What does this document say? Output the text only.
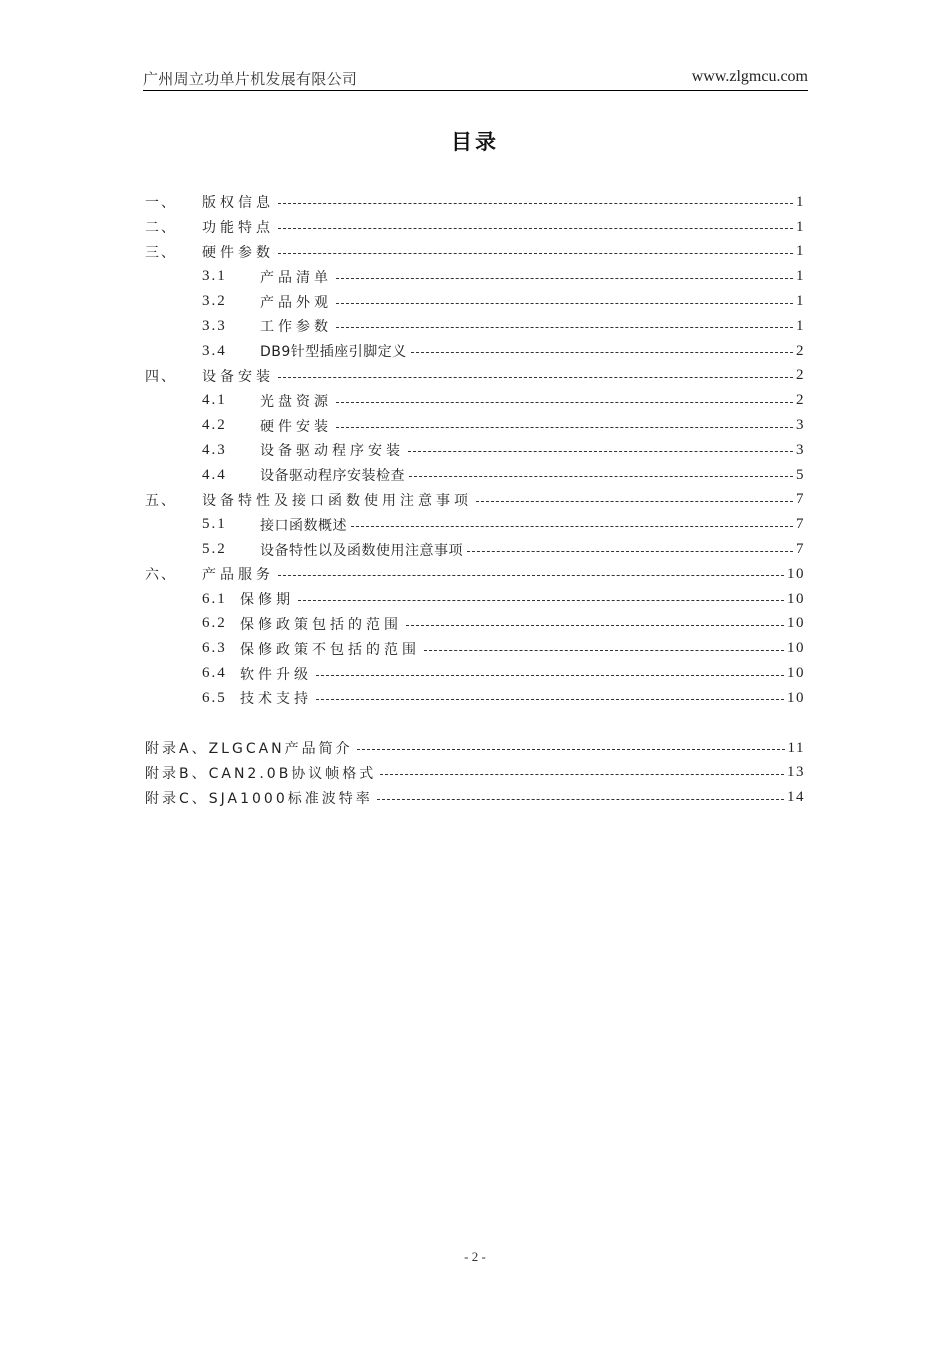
广州周立功单片机发展有限公司	www.zlgmcu.com
目录
一、	版权信息	1
二、	功能特点	1
三、	硬件参数	1
3.1	产品清单	1
3.2	产品外观	1
3.3	工作参数	1
3.4	DB9针型插座引脚定义	2
四、	设备安装	2
4.1	光盘资源	2
4.2	硬件安装	3
4.3	设备驱动程序安装	3
4.4	设备驱动程序安装检查	5
五、	设备特性及接口函数使用注意事项	7
5.1	接口函数概述	7
5.2	设备特性以及函数使用注意事项	7
六、	产品服务	10
6.1 保修期	10
6.2 保修政策包括的范围	10
6.3 保修政策不包括的范围	10
6.4 软件升级	10
6.5 技术支持	10
附录A、ZLGCAN产品简介	11
附录B、CAN2.0B协议帧格式	13
附录C、SJA1000标准波特率	14
- 2 -
